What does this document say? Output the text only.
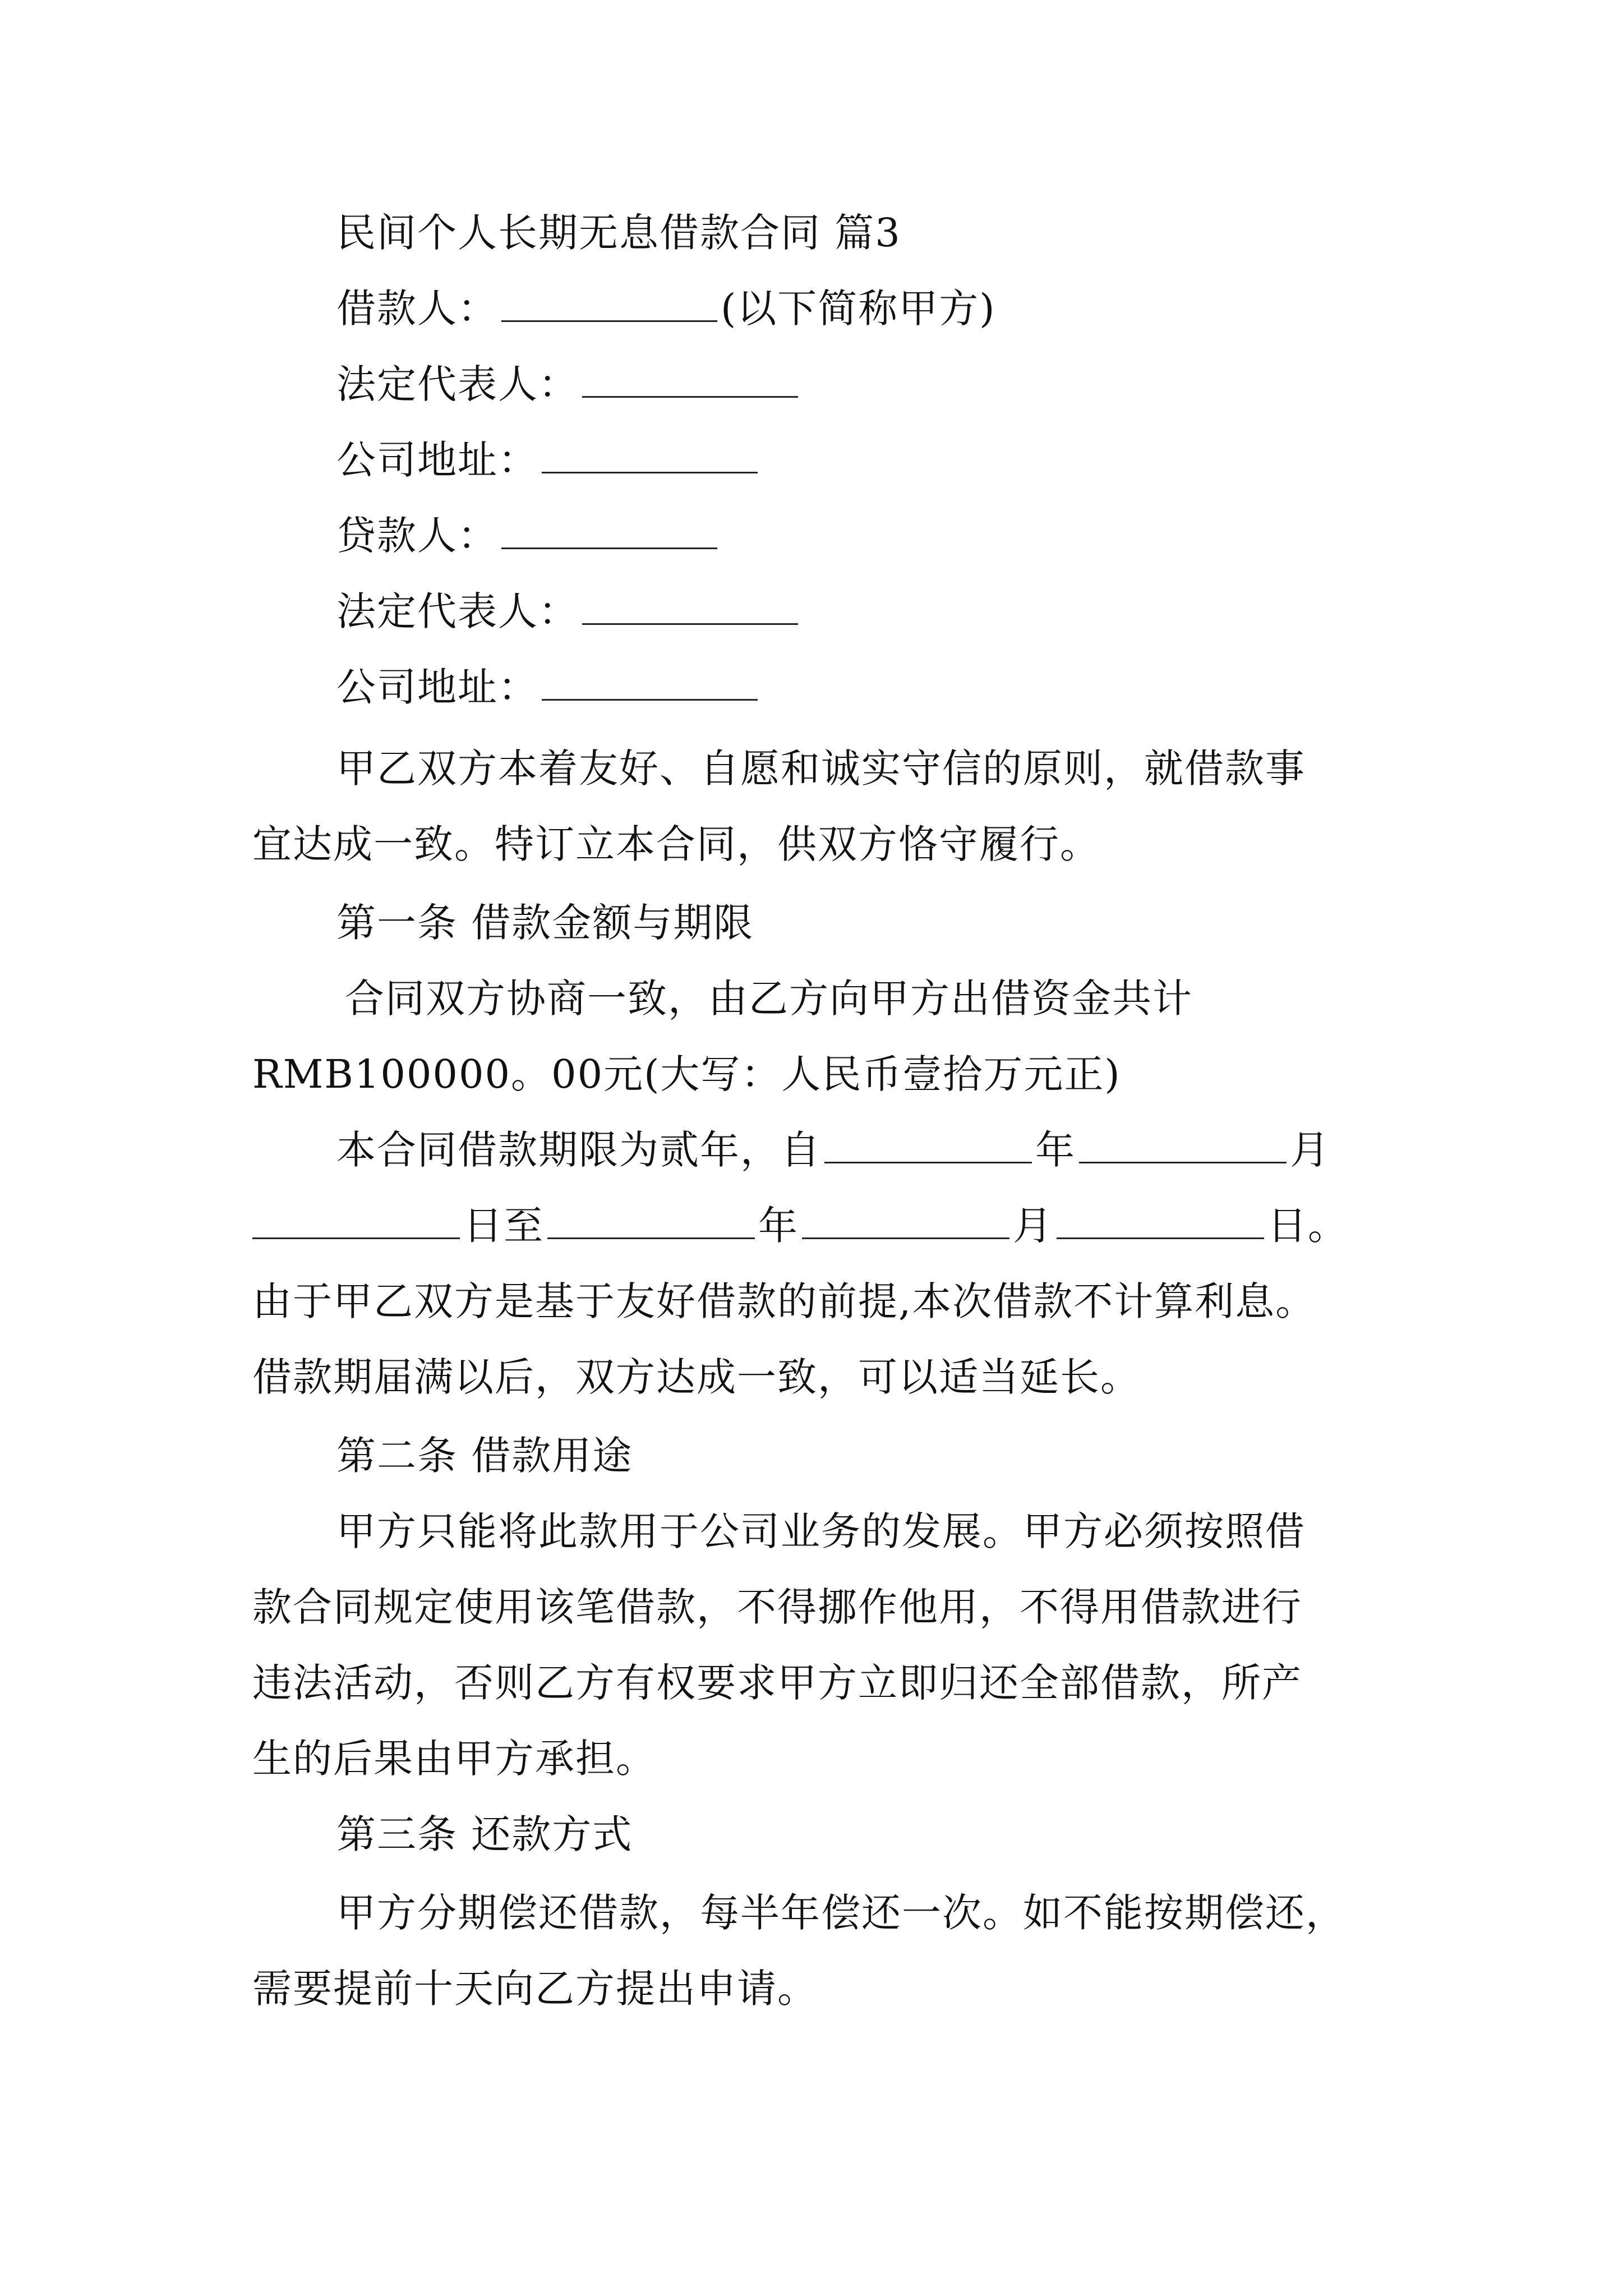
民间个人长期无息借款合同 篇3
借款人：	(以下简称甲方)
法定代表人：
公司地址：
贷款人：
法定代表人：
公司地址：
甲乙双方本着友好、自愿和诚实守信的原则，就借款事
宜达成一致。特订立本合同，供双方恪守履行。
第一条 借款金额与期限
合同双方协商一致，由乙方向甲方出借资金共计
RMB100000。00元(大写：人民币壹拾万元正)
本合同借款期限为贰年，自	年	月
日至	年	月	日。
由于甲乙双方是基于友好借款的前提,本次借款不计算利息。
借款期届满以后，双方达成一致，可以适当延长。
第二条 借款用途
甲方只能将此款用于公司业务的发展。甲方必须按照借
款合同规定使用该笔借款，不得挪作他用，不得用借款进行
违法活动，否则乙方有权要求甲方立即归还全部借款，所产
生的后果由甲方承担。
第三条 还款方式
甲方分期偿还借款，每半年偿还一次。如不能按期偿还，
需要提前十天向乙方提出申请。
